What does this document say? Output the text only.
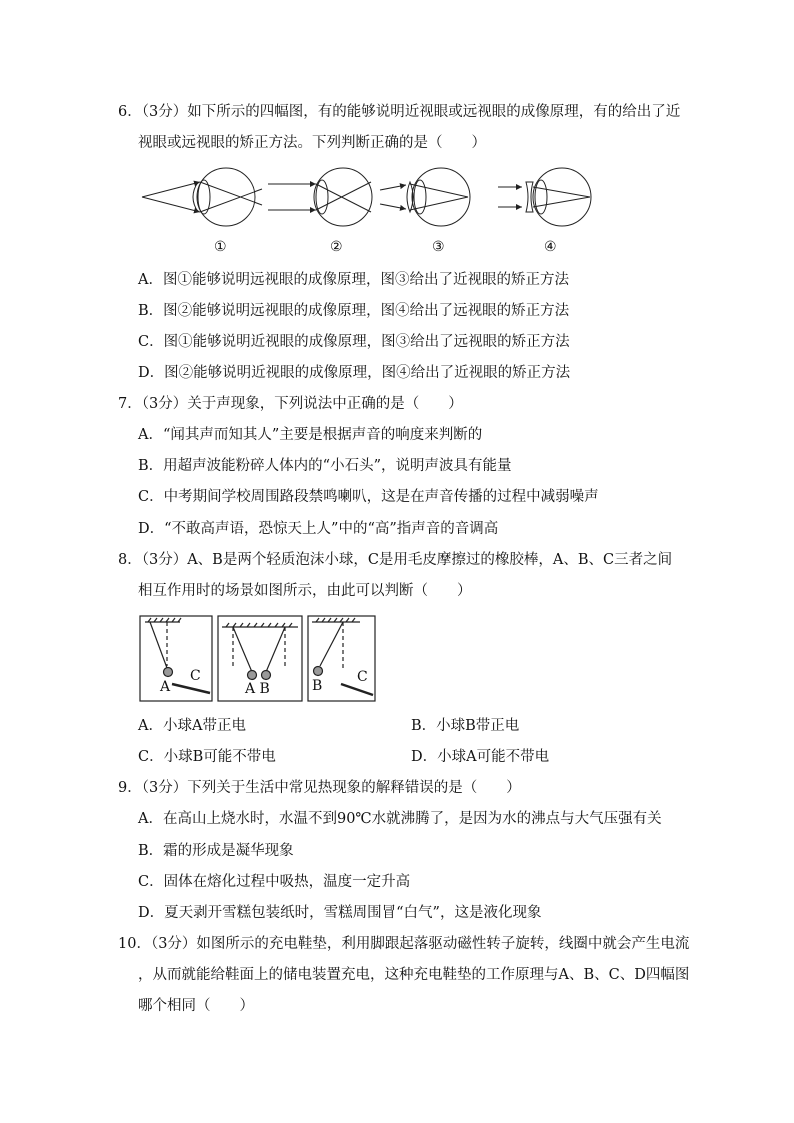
6．（3分）如下所示的四幅图，有的能够说明近视眼或远视眼的成像原理，有的给出了近
视眼或远视眼的矫正方法。下列判断正确的是（　　）
①	②	③	④
A．图①能够说明远视眼的成像原理，图③给出了近视眼的矫正方法
B．图②能够说明远视眼的成像原理，图④给出了远视眼的矫正方法
C．图①能够说明近视眼的成像原理，图③给出了远视眼的矫正方法
D．图②能够说明近视眼的成像原理，图④给出了近视眼的矫正方法
7．（3分）关于声现象，下列说法中正确的是（　　）
A．“闻其声而知其人”主要是根据声音的响度来判断的
B．用超声波能粉碎人体内的“小石头”，说明声波具有能量
C．中考期间学校周围路段禁鸣喇叭，这是在声音传播的过程中减弱噪声
D．“不敢高声语，恐惊天上人”中的“高”指声音的音调高
8．（3分）A、B是两个轻质泡沫小球，C是用毛皮摩擦过的橡胶棒，A、B、C三者之间
相互作用时的场景如图所示，由此可以判断（　　）
A
C
A B	B
C
A．小球A带正电	B．小球B带正电
C．小球B可能不带电	D．小球A可能不带电
9．（3分）下列关于生活中常见热现象的解释错误的是（　　）
A．在高山上烧水时，水温不到90℃水就沸腾了，是因为水的沸点与大气压强有关
B．霜的形成是凝华现象
C．固体在熔化过程中吸热，温度一定升高
D．夏天剥开雪糕包装纸时，雪糕周围冒“白气”，这是液化现象
10．（3分）如图所示的充电鞋垫，利用脚跟起落驱动磁性转子旋转，线圈中就会产生电流
，从而就能给鞋面上的储电装置充电，这种充电鞋垫的工作原理与A、B、C、D四幅图
哪个相同（　　）
